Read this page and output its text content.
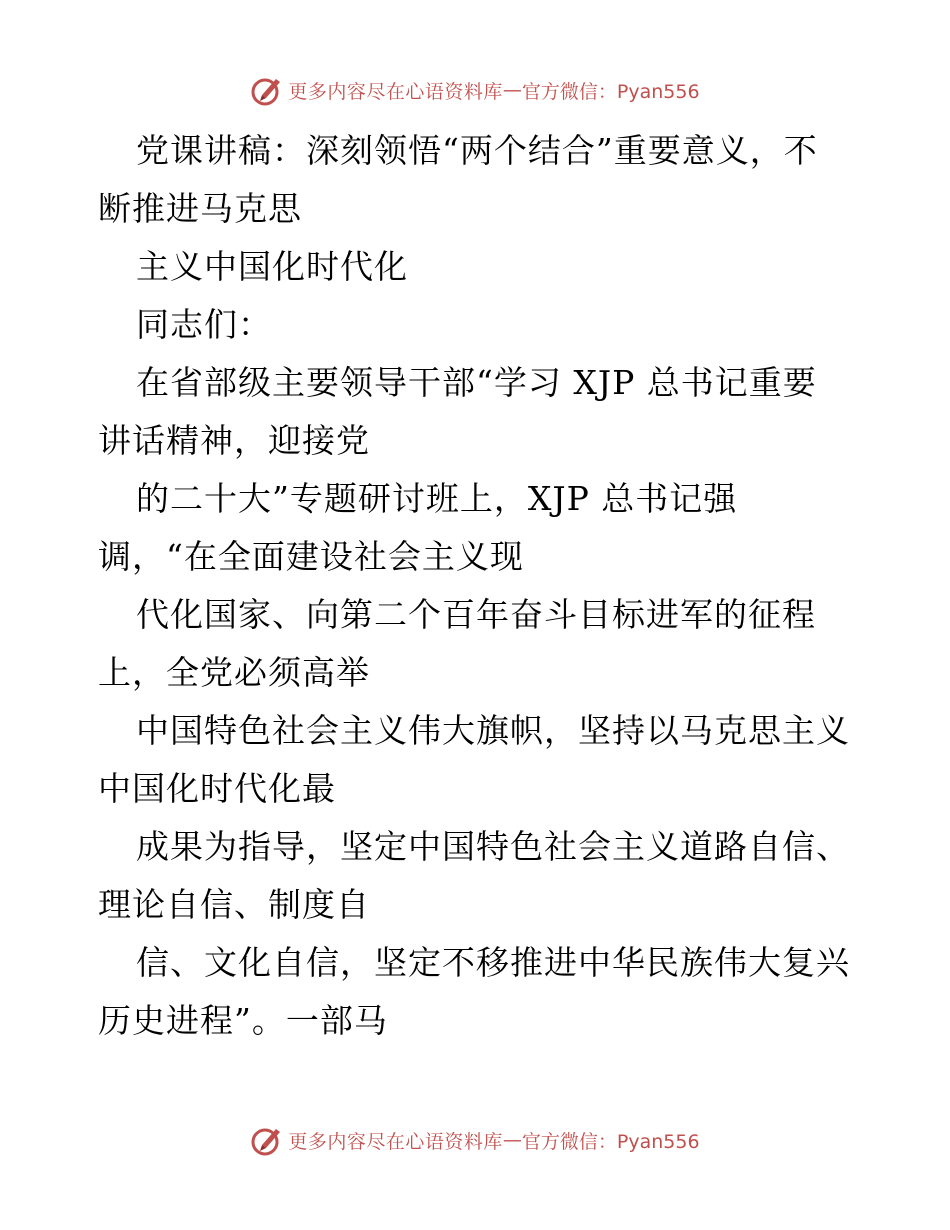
更多内容尽在心语资料库 — 官方微信：Pyan556
党课讲稿：深刻领悟“两个结合”重要意义，不
断推进马克思
主义中国化时代化
同志们：
在省部级主要领导干部“学习 XJP 总书记重要
讲话精神，迎接党
的二十大”专题研讨班上，XJP 总书记强
调，“在全面建设社会主义现
代化国家、向第二个百年奋斗目标进军的征程
上，全党必须高举
中国特色社会主义伟大旗帜，坚持以马克思主义
中国化时代化最
成果为指导，坚定中国特色社会主义道路自信、
理论自信、制度自
信、文化自信，坚定不移推进中华民族伟大复兴
历史进程”。一部马
更多内容尽在心语资料库 — 官方微信：Pyan556
